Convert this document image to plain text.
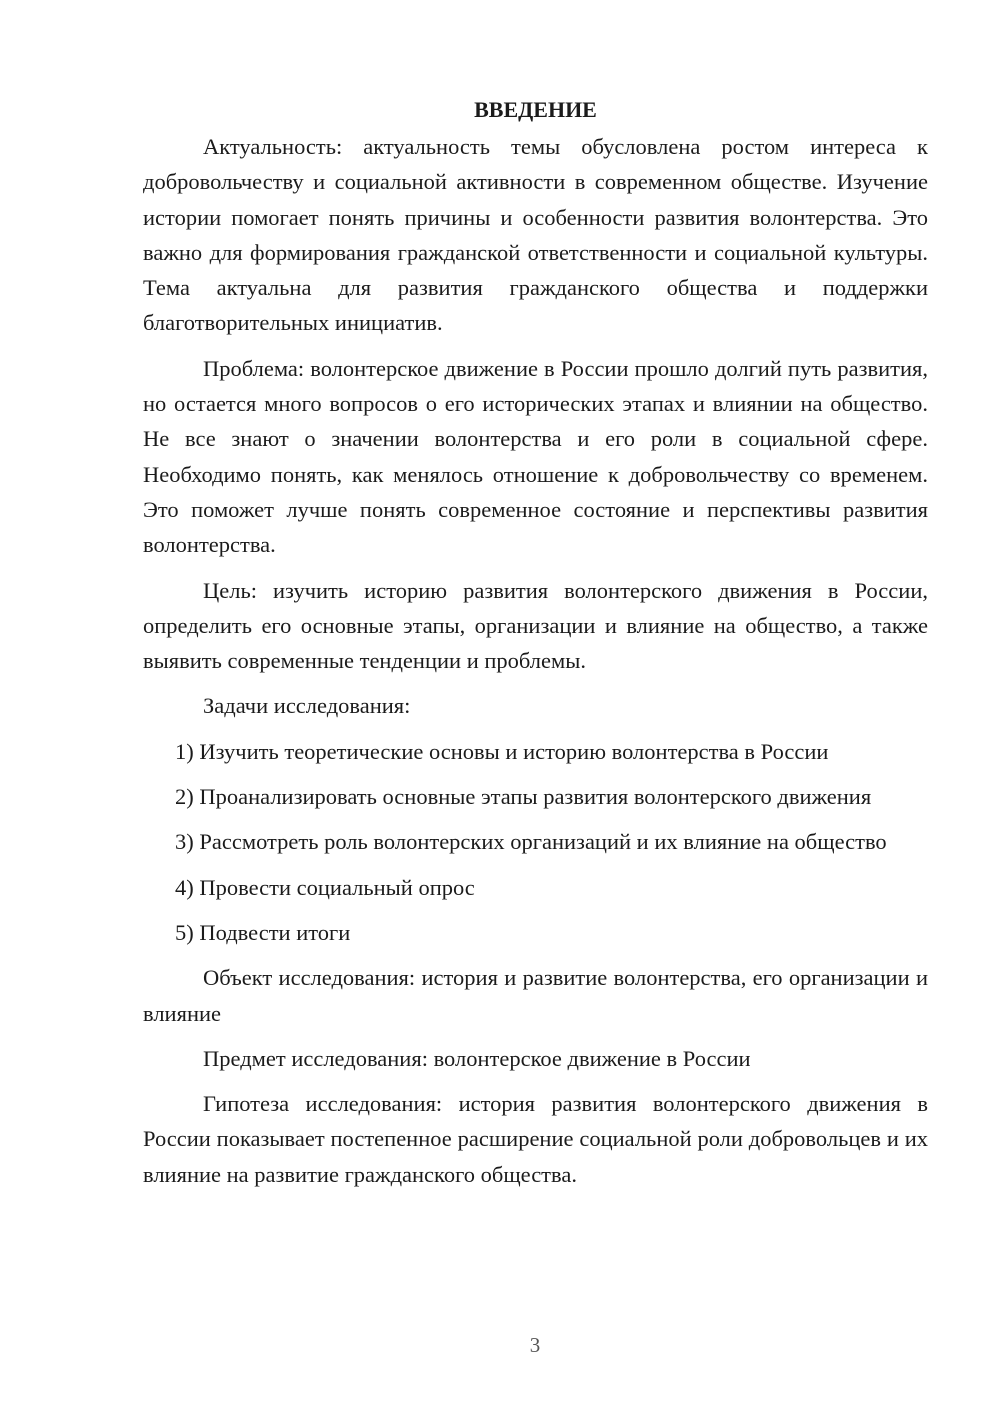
ВВЕДЕНИЕ

Актуальность: актуальность темы обусловлена ростом интереса к добровольчеству и социальной активности в современном обществе. Изучение истории помогает понять причины и особенности развития волонтерства. Это важно для формирования гражданской ответственности и социальной культуры. Тема актуальна для развития гражданского общества и поддержки благотворительных инициатив.

Проблема: волонтерское движение в России прошло долгий путь развития, но остается много вопросов о его исторических этапах и влиянии на общество. Не все знают о значении волонтерства и его роли в социальной сфере. Необходимо понять, как менялось отношение к добровольчеству со временем. Это поможет лучше понять современное состояние и перспективы развития волонтерства.

Цель: изучить историю развития волонтерского движения в России, определить его основные этапы, организации и влияние на общество, а также выявить современные тенденции и проблемы.

Задачи исследования:

1) Изучить теоретические основы и историю волонтерства в России

2) Проанализировать основные этапы развития волонтерского движения

3) Рассмотреть роль волонтерских организаций и их влияние на общество

4) Провести социальный опрос

5) Подвести итоги

Объект исследования: история и развитие волонтерства, его организации и влияние

Предмет исследования: волонтерское движение в России

Гипотеза исследования: история развития волонтерского движения в России показывает постепенное расширение социальной роли добровольцев и их влияние на развитие гражданского общества.

3
